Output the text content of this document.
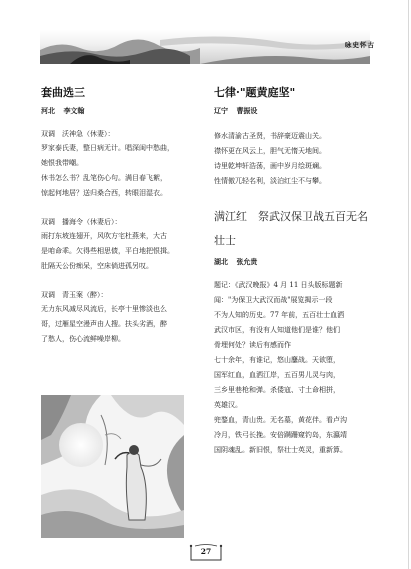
咏史怀古
套曲选三
河北 李文翰
双调　沃神急（休妻）：
罗家泰氏妻，整日病无计。唱深闺中愁曲，
她恨我带嘲。
休书怎么书？乱笔伤心句。满目春飞絮，
惊起何地居？送归桑合西，转眼泪湿衣。
双调　播海令（休妻后）：
雨打东坡连翅开，风吹方宅杜燕来，大古
是咱命乖。欠得些相思债，平白地把恨揖。
肚隔天公份痴呆，空床倘进孤另叹。
双调　青玉案（醉）：
无力东风减尽风流后，长亭十里惨淡也么
哥，过雁星空漫声由人搜。扶头劣酒，醉
了愁人，伤心流鲜噪岸柳。
七律·"题黄庭坚"
辽宁 曹振设
修水清渝古圣贤，书辞豪迈震山关。
襟怀更在风云上，胆气无惰天地间。
诗里乾坤轩浩荡，画中岁月绘斑斓。
性情傲兀轻名利，淡泊红尘不与攀。
满江红　祭武汉保卫战五百无名
壮士
湖北 张允贵
题记：《武汉晚报》4 月 11 日头版标题新
闻："为保卫大武汉而战"展览揭示一段
不为人知的历史。77 年前，五百壮士血洒
武汉市区，有没有人知道他们是谁？他们
骨埋何处？读后有感而作
七十余年，有谁记，悠山鏖战。天欲堕，
国军红血，血洒江岸，五百男儿灵与肉，
三乡里巷枪和弹。杀倭寇、寸土命相拼，
英雄汉。
兜鍪血，青山贵。无名墓，黄花伴。看卢沟
冷月，铁弓长挽。安倍蹒跚窥钓岛，东瀛靖
国阴魂乱。新旧恨，祭壮士英灵，重新算。
27
